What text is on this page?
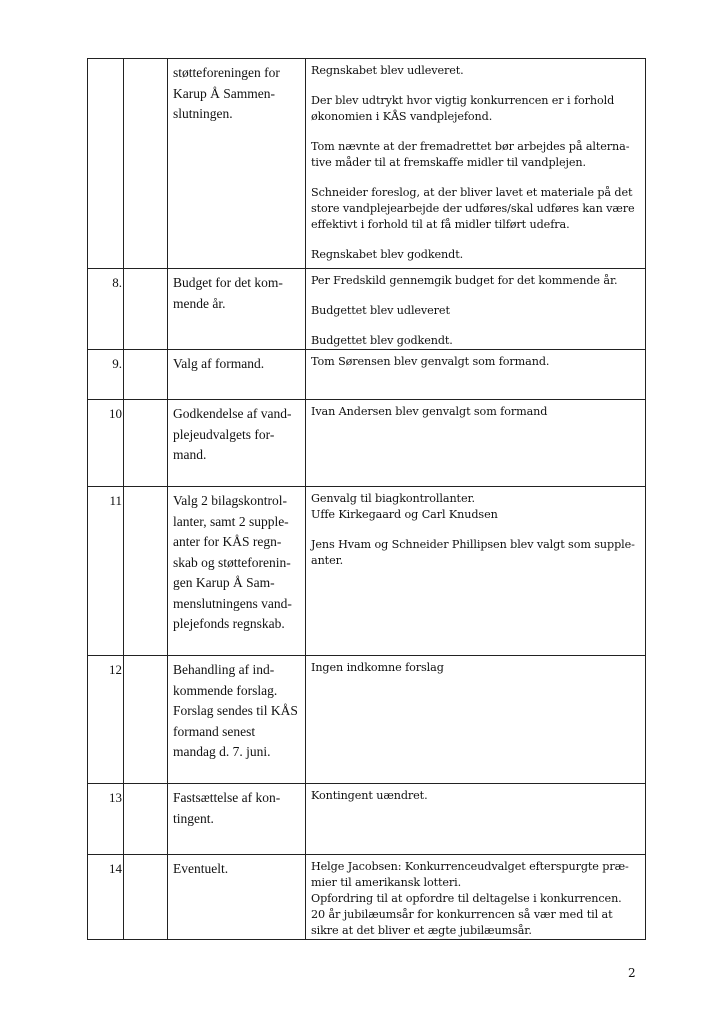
		støtteforeningen for Karup Å Sammen-slutningen.	Regnskabet blev udleveret.

Der blev udtrykt hvor vigtig konkurrencen er i forhold økonomien i KÅS vandplejefond.

Tom nævnte at der fremadrettet bør arbejdes på alterna-tive måder til at fremskaffe midler til vandplejen.

Schneider foreslog, at der bliver lavet et materiale på det store vandplejearbejde der udføres/skal udføres kan være effektivt i forhold til at få midler tilført udefra.

Regnskabet blev godkendt.

8.		Budget for det kom-mende år.	Per Fredskild gennemgik budget for det kommende år.

Budgettet blev udleveret

Budgettet blev godkendt.

9.		Valg af formand.	Tom Sørensen blev genvalgt som formand.

10		Godkendelse af vand-plejeudvalgets for-mand.	Ivan Andersen blev genvalgt som formand

11		Valg 2 bilagskontrol-lanter, samt 2 supple-anter for KÅS regn-skab og støtteforenin-gen Karup Å Sam-menslutningens vand-plejefonds regnskab.	Genvalg til biagkontrollanter.

Uffe Kirkegaard og Carl Knudsen

Jens Hvam og Schneider Phillipsen blev valgt som supple-anter.

12		Behandling af ind-kommende forslag. Forslag sendes til KÅS formand senest mandag d. 7. juni.	Ingen indkomne forslag

13		Fastsættelse af kon-tingent.	Kontingent uændret.

14		Eventuelt.	Helge Jacobsen: Konkurrenceudvalget efterspurgte præ-mier til amerikansk lotteri.

Opfordring til at opfordre til deltagelse i konkurrencen.

20 år jubilæumsår for konkurrencen så vær med til at sikre at det bliver et ægte jubilæumsår.

2
